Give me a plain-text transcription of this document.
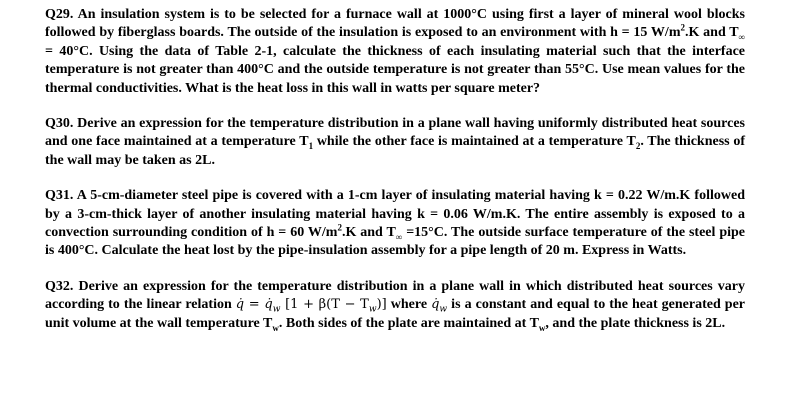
Q29. An insulation system is to be selected for a furnace wall at 1000°C using first a layer of mineral wool blocks followed by fiberglass boards. The outside of the insulation is exposed to an environment with h = 15 $W/m^2.K$ and $T_\infty = 40^\circ C$. Using the data of Table 2-1, calculate the thickness of each insulating material such that the interface temperature is not greater than 400°C and the outside temperature is not greater than 55°C. Use mean values for the thermal conductivities. What is the heat loss in this wall in watts per square meter?

Q30. Derive an expression for the temperature distribution in a plane wall having uniformly distributed heat sources and one face maintained at a temperature $T_1$ while the other face is maintained at a temperature $T_2$. The thickness of the wall may be taken as 2L.

Q31. A 5-cm-diameter steel pipe is covered with a 1-cm layer of insulating material having k = 0.22 W/m.K followed by a 3-cm-thick layer of another insulating material having k = 0.06 W/m.K. The entire assembly is exposed to a convection surrounding condition of h = 60 $W/m^2.K$ and $T_\infty =15^\circ C$. The outside surface temperature of the steel pipe is 400°C. Calculate the heat lost by the pipe-insulation assembly for a pipe length of 20 m. Express in Watts.

Q32. Derive an expression for the temperature distribution in a plane wall in which distributed heat sources vary according to the linear relation q̇ = $q̇_w$ $[1 + \beta(T - T_w)]$ where $q̇_w$ is a constant and equal to the heat generated per unit volume at the wall temperature $T_w$. Both sides of the plate are maintained at $T_w$, and the plate thickness is 2L.
